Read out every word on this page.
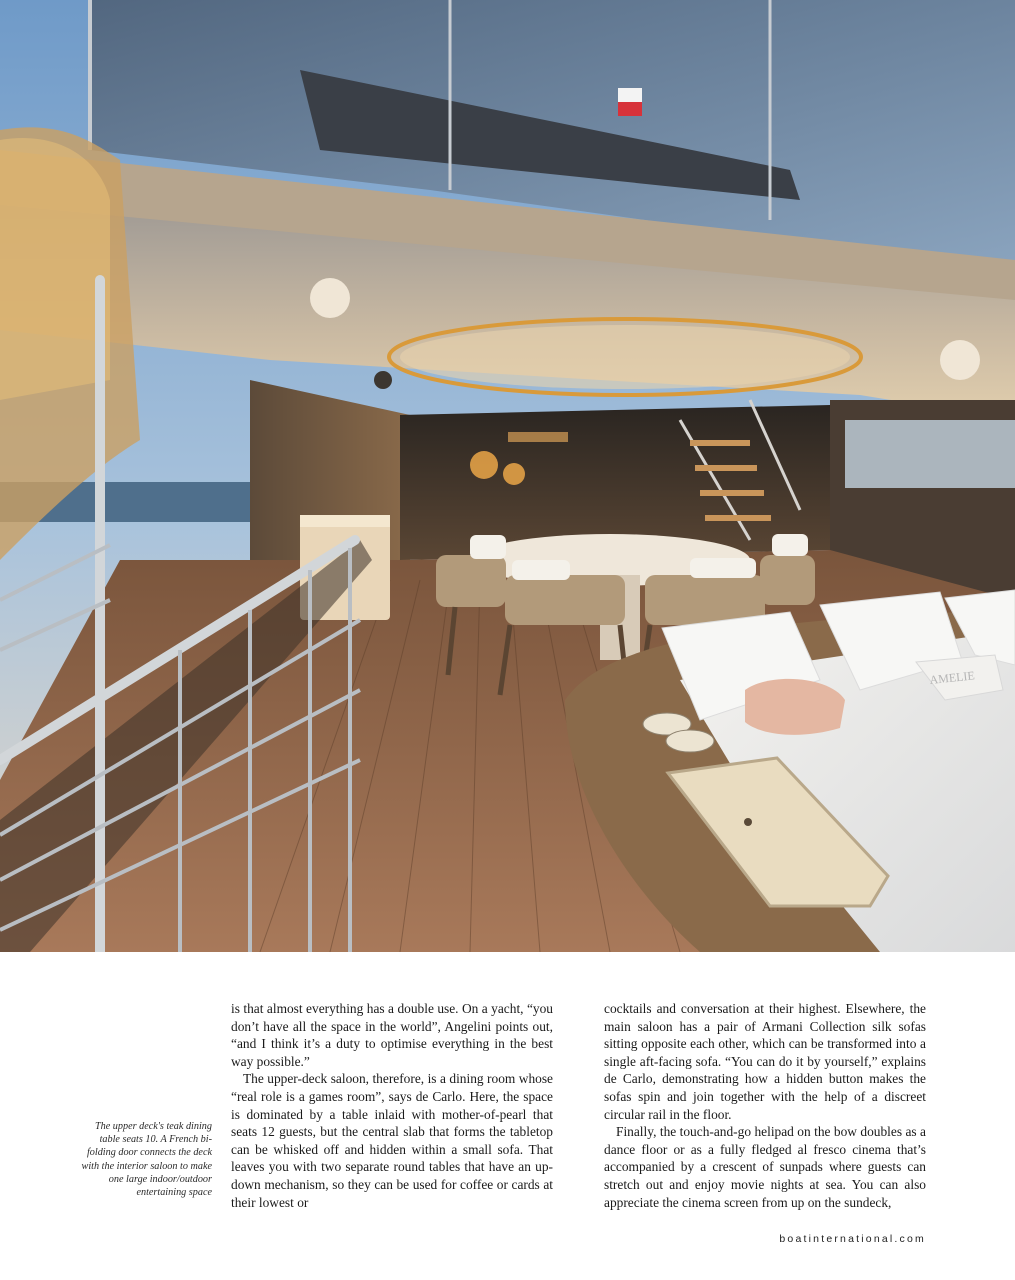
AMELIE
The upper deck's teak dining table seats 10. A French bi-folding door connects the deck with the interior saloon to make one large indoor/outdoor entertaining space

is that almost everything has a double use. On a yacht, “you don’t have all the space in the world”, Angelini points out, “and I think it’s a duty to optimise everything in the best way possible.”

The upper-deck saloon, therefore, is a dining room whose “real role is a games room”, says de Carlo. Here, the space is dominated by a table inlaid with mother-of-pearl that seats 12 guests, but the central slab that forms the tabletop can be whisked off and hidden within a small sofa. That leaves you with two separate round tables that have an up-down mechanism, so they can be used for coffee or cards at their lowest or

cocktails and conversation at their highest. Elsewhere, the main saloon has a pair of Armani Collection silk sofas sitting opposite each other, which can be transformed into a single aft-facing sofa. “You can do it by yourself,” explains de Carlo, demonstrating how a hidden button makes the sofas spin and join together with the help of a discreet circular rail in the floor.

Finally, the touch-and-go helipad on the bow doubles as a dance floor or as a fully fledged al fresco cinema that’s accompanied by a crescent of sunpads where guests can stretch out and enjoy movie nights at sea. You can also appreciate the cinema screen from up on the sundeck,

boatinternational.com
